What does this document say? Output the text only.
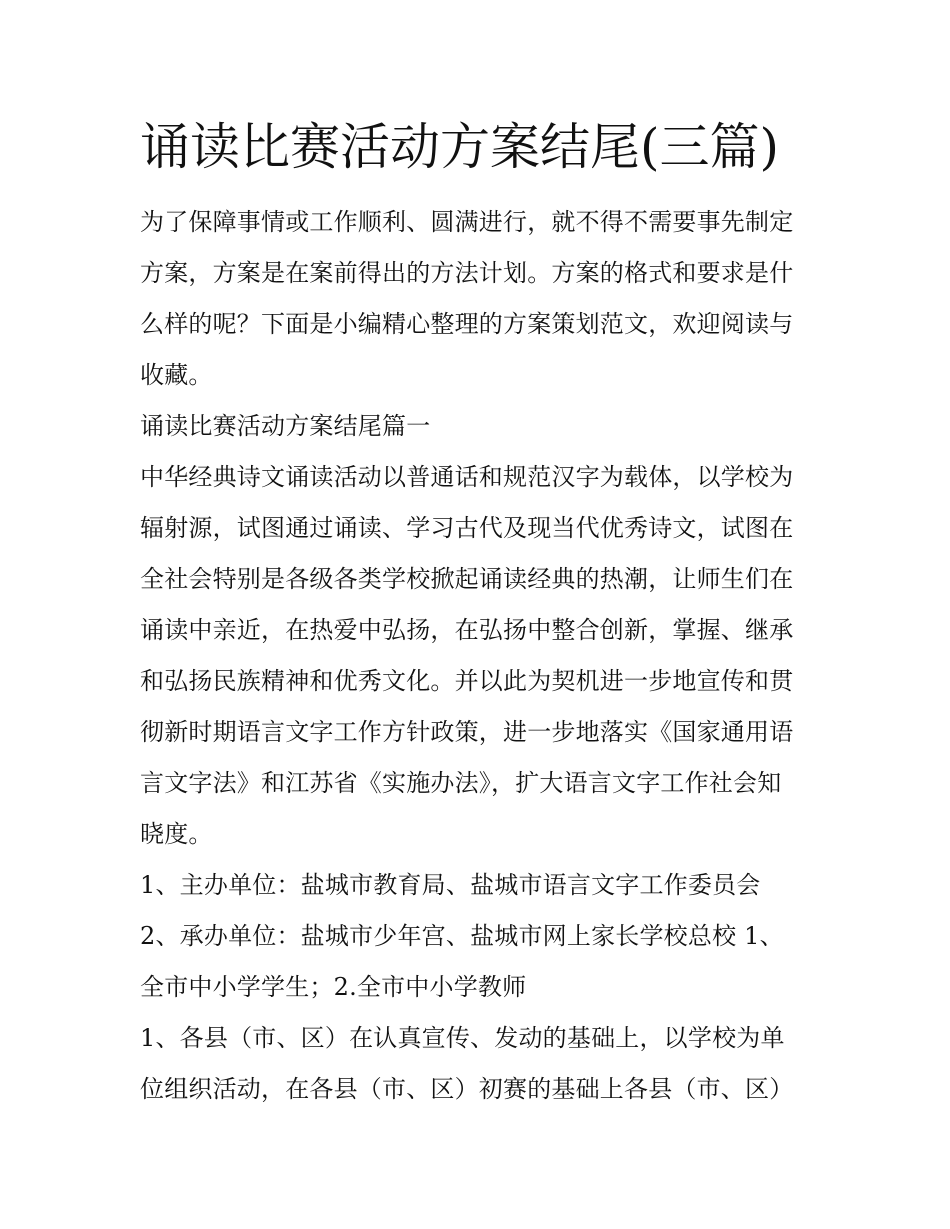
诵读比赛活动方案结尾(三篇)
为了保障事情或工作顺利、圆满进行，就不得不需要事先制定
方案，方案是在案前得出的方法计划。方案的格式和要求是什
么样的呢？下面是小编精心整理的方案策划范文，欢迎阅读与
收藏。
诵读比赛活动方案结尾篇一
中华经典诗文诵读活动以普通话和规范汉字为载体，以学校为
辐射源，试图通过诵读、学习古代及现当代优秀诗文，试图在
全社会特别是各级各类学校掀起诵读经典的热潮，让师生们在
诵读中亲近，在热爱中弘扬，在弘扬中整合创新，掌握、继承
和弘扬民族精神和优秀文化。并以此为契机进一步地宣传和贯
彻新时期语言文字工作方针政策，进一步地落实《国家通用语
言文字法》和江苏省《实施办法》，扩大语言文字工作社会知
晓度。
1、主办单位：盐城市教育局、盐城市语言文字工作委员会
2、承办单位：盐城市少年宫、盐城市网上家长学校总校 1、
全市中小学学生；2.全市中小学教师
1、各县（市、区）在认真宣传、发动的基础上，以学校为单
位组织活动，在各县（市、区）初赛的基础上各县（市、区）
